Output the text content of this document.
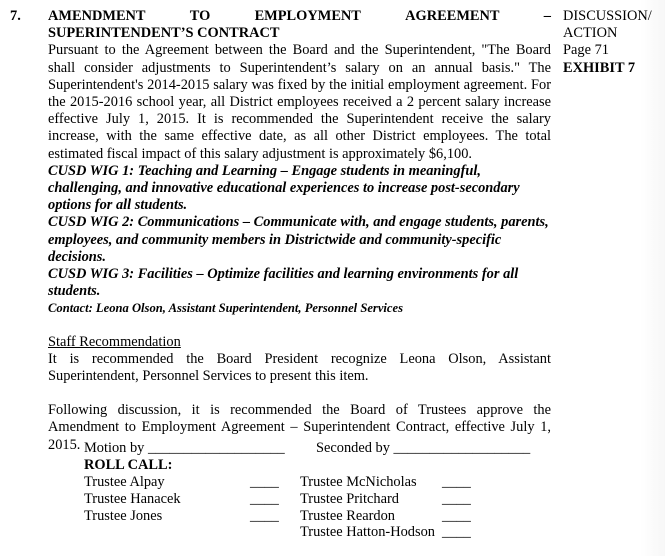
7. AMENDMENT	TO	EMPLOYMENT	AGREEMENT	–
SUPERINTENDENT’S CONTRACT
Pursuant to the Agreement between the Board and the Superintendent, "The Board shall consider adjustments to Superintendent’s salary on an annual basis." The Superintendent's 2014-2015 salary was fixed by the initial employment agreement. For the 2015-2016 school year, all District employees received a 2 percent salary increase effective July 1, 2015. It is recommended the Superintendent receive the salary increase, with the same effective date, as all other District employees. The total estimated fiscal impact of this salary adjustment is approximately $6,100.
CUSD WIG 1: Teaching and Learning – Engage students in meaningful, challenging, and innovative educational experiences to increase post-secondary options for all students.
CUSD WIG 2: Communications – Communicate with, and engage students, parents, employees, and community members in Districtwide and community-specific decisions.
CUSD WIG 3: Facilities – Optimize facilities and learning environments for all students.
Contact: Leona Olson, Assistant Superintendent, Personnel Services
Staff Recommendation
It is recommended the Board President recognize Leona Olson, Assistant Superintendent, Personnel Services to present this item.
Following discussion, it is recommended the Board of Trustees approve the Amendment to Employment Agreement – Superintendent Contract, effective July 1, 2015.
DISCUSSION/
ACTION
Page 71
EXHIBIT 7
Motion by ___________________	Seconded by ___________________
ROLL CALL:
Trustee Alpay	____
Trustee Hanacek	____
Trustee Jones	____
Trustee McNicholas	____
Trustee Pritchard	____
Trustee Reardon	____
Trustee Hatton-Hodson ____
